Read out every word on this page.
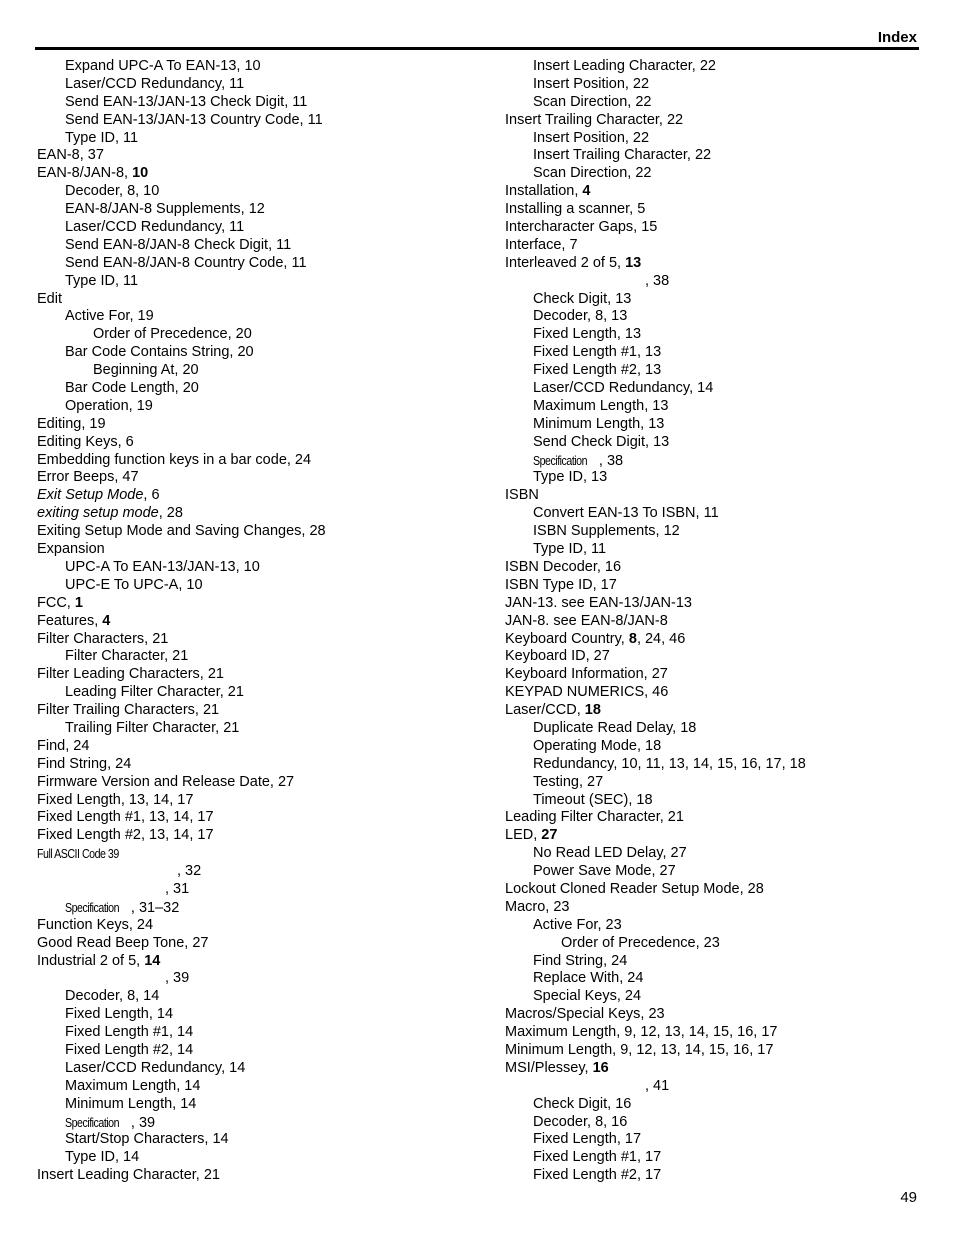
Index
Expand UPC-A To EAN-13, 10
Laser/CCD Redundancy, 11
Send EAN-13/JAN-13 Check Digit, 11
Send EAN-13/JAN-13 Country Code, 11
Type ID, 11
EAN-8, 37
EAN-8/JAN-8, 10
Decoder, 8, 10
EAN-8/JAN-8 Supplements, 12
Laser/CCD Redundancy, 11
Send EAN-8/JAN-8 Check Digit, 11
Send EAN-8/JAN-8 Country Code, 11
Type ID, 11
Edit
Active For, 19
Order of Precedence, 20
Bar Code Contains String, 20
Beginning At, 20
Bar Code Length, 20
Operation, 19
Editing, 19
Editing Keys, 6
Embedding function keys in a bar code, 24
Error Beeps, 47
Exit Setup Mode, 6
exiting setup mode, 28
Exiting Setup Mode and Saving Changes, 28
Expansion
UPC-A To EAN-13/JAN-13, 10
UPC-E To UPC-A, 10
FCC, 1
Features, 4
Filter Characters, 21
Filter Character, 21
Filter Leading Characters, 21
Leading Filter Character, 21
Filter Trailing Characters, 21
Trailing Filter Character, 21
Find, 24
Find String, 24
Firmware Version and Release Date, 27
Fixed Length, 13, 14, 17
Fixed Length #1, 13, 14, 17
Fixed Length #2, 13, 14, 17
Full ASCII Code 39
, 32
, 31
Specification , 31–32
Function Keys, 24
Good Read Beep Tone, 27
Industrial 2 of 5, 14
, 39
Decoder, 8, 14
Fixed Length, 14
Fixed Length #1, 14
Fixed Length #2, 14
Laser/CCD Redundancy, 14
Maximum Length, 14
Minimum Length, 14
Specification , 39
Start/Stop Characters, 14
Type ID, 14
Insert Leading Character, 21
Insert Leading Character, 22
Insert Position, 22
Scan Direction, 22
Insert Trailing Character, 22
Insert Position, 22
Insert Trailing Character, 22
Scan Direction, 22
Installation, 4
Installing a scanner, 5
Intercharacter Gaps, 15
Interface, 7
Interleaved 2 of 5, 13
, 38
Check Digit, 13
Decoder, 8, 13
Fixed Length, 13
Fixed Length #1, 13
Fixed Length #2, 13
Laser/CCD Redundancy, 14
Maximum Length, 13
Minimum Length, 13
Send Check Digit, 13
Specification , 38
Type ID, 13
ISBN
Convert EAN-13 To ISBN, 11
ISBN Supplements, 12
Type ID, 11
ISBN Decoder, 16
ISBN Type ID, 17
JAN-13. see EAN-13/JAN-13
JAN-8. see EAN-8/JAN-8
Keyboard Country, 8, 24, 46
Keyboard ID, 27
Keyboard Information, 27
KEYPAD NUMERICS, 46
Laser/CCD, 18
Duplicate Read Delay, 18
Operating Mode, 18
Redundancy, 10, 11, 13, 14, 15, 16, 17, 18
Testing, 27
Timeout (SEC), 18
Leading Filter Character, 21
LED, 27
No Read LED Delay, 27
Power Save Mode, 27
Lockout Cloned Reader Setup Mode, 28
Macro, 23
Active For, 23
Order of Precedence, 23
Find String, 24
Replace With, 24
Special Keys, 24
Macros/Special Keys, 23
Maximum Length, 9, 12, 13, 14, 15, 16, 17
Minimum Length, 9, 12, 13, 14, 15, 16, 17
MSI/Plessey, 16
, 41
Check Digit, 16
Decoder, 8, 16
Fixed Length, 17
Fixed Length #1, 17
Fixed Length #2, 17
49
